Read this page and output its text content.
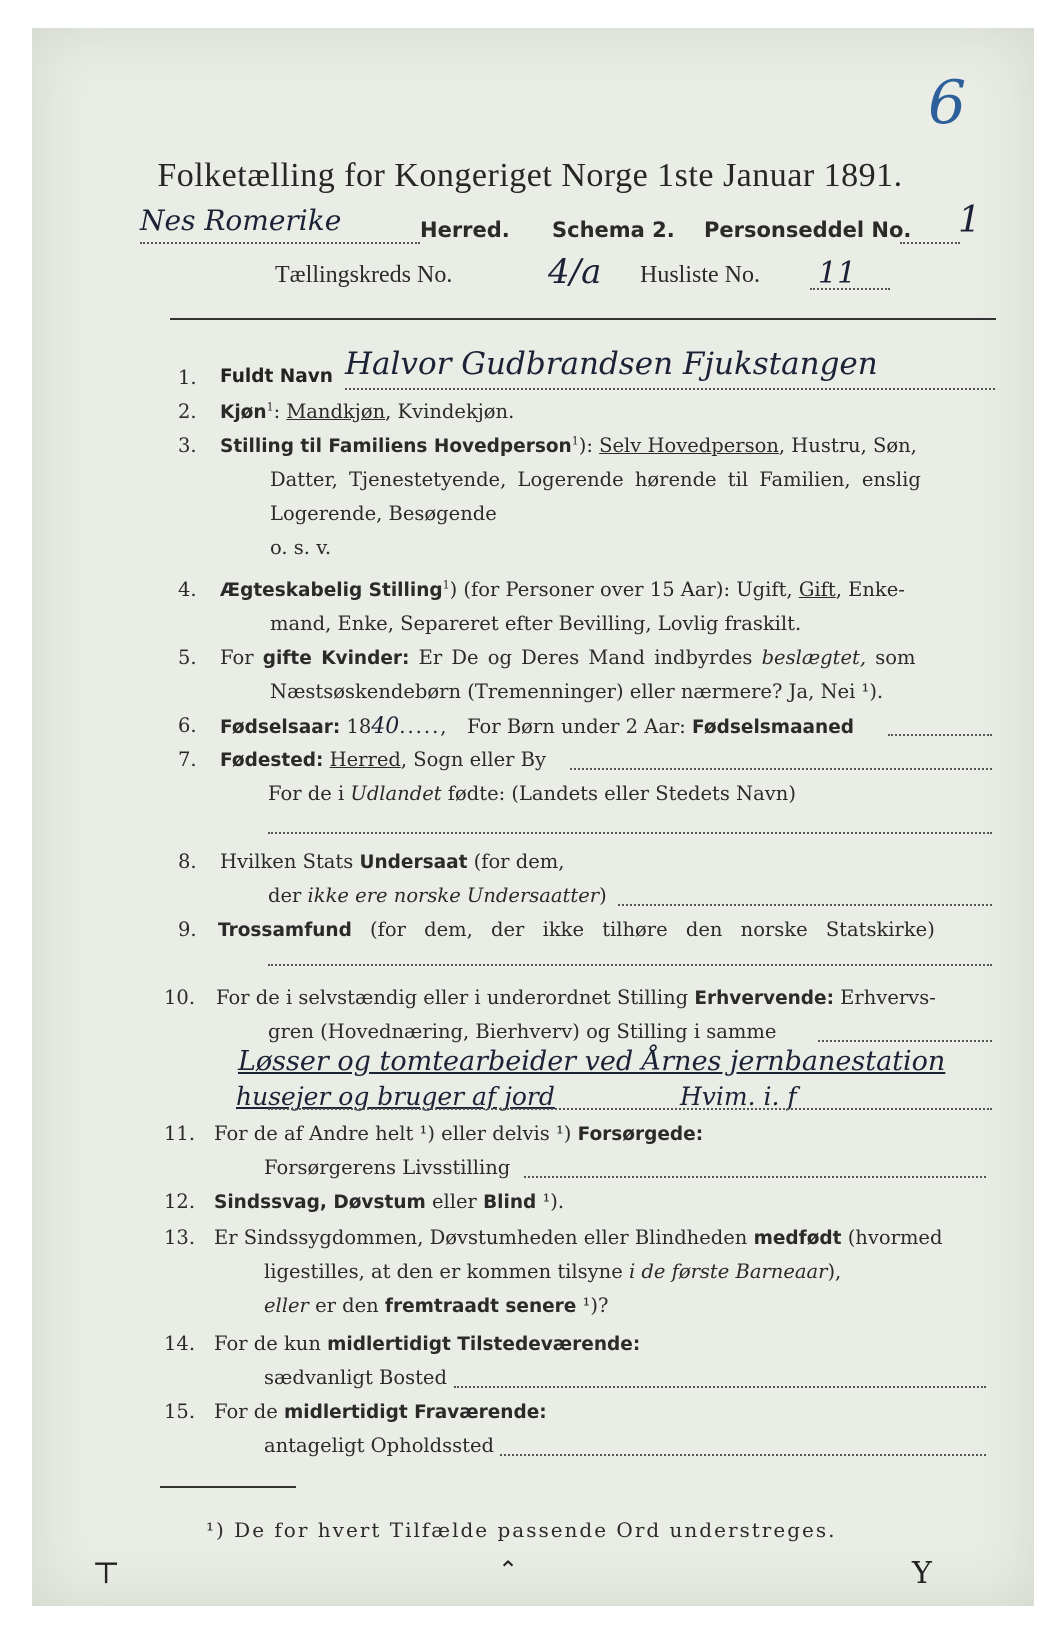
6
Folketælling for Kongeriget Norge 1ste Januar 1891.
Nes Romerike	Herred. Schema 2. Personseddel No. 1
Tællingskreds No.	4/a Husliste No. 11
1. Fuldt Navn Halvor Gudbrandsen Fjukstangen
2. Kjøn$^1$: Mandkjøn, Kvindekjøn.
3. Stilling til Familiens Hovedperson$^1$): Selv Hovedperson, Hustru, Søn,
Datter, Tjenestetyende, Logerende hørende til Familien, enslig
Logerende, Besøgende
o. s. v.
4. Ægteskabelig Stilling$^1$) (for Personer over 15 Aar): Ugift, Gift, Enke-
mand, Enke, Separeret efter Bevilling, Lovlig fraskilt.
5. For gifte Kvinder: Er De og Deres Mand indbyrdes beslægtet, som
Næstsøskendebørn (Tremenninger) eller nærmere? Ja, Nei ¹).
6. Fødselsaar: 1840....., For Børn under 2 Aar: Fødselsmaaned
7. Fødested: Herred, Sogn eller By
For de i Udlandet fødte: (Landets eller Stedets Navn)
8. Hvilken Stats Undersaat (for dem,
der ikke ere norske Undersaatter)
9. Trossamfund (for dem, der ikke tilhøre den norske Statskirke)
10. For de i selvstændig eller i underordnet Stilling Erhvervende: Erhvervs-
gren (Hovednæring, Bierhverv) og Stilling i samme
Løsser og tomtearbeider ved Årnes jernbanestation
husejer og bruger af jord	Hvim. i. f
11. For de af Andre helt ¹) eller delvis ¹) Forsørgede:
Forsørgerens Livsstilling
12. Sindssvag, Døvstum eller Blind ¹).
13. Er Sindssygdommen, Døvstumheden eller Blindheden medfødt (hvormed
ligestilles, at den er kommen tilsyne i de første Barneaar),
eller er den fremtraadt senere ¹)?
14. For de kun midlertidigt Tilstedeværende:
sædvanligt Bosted
15. For de midlertidigt Fraværende:
antageligt Opholdssted
¹) De for hvert Tilfælde passende Ord understreges.
⊤	⌃	Y
